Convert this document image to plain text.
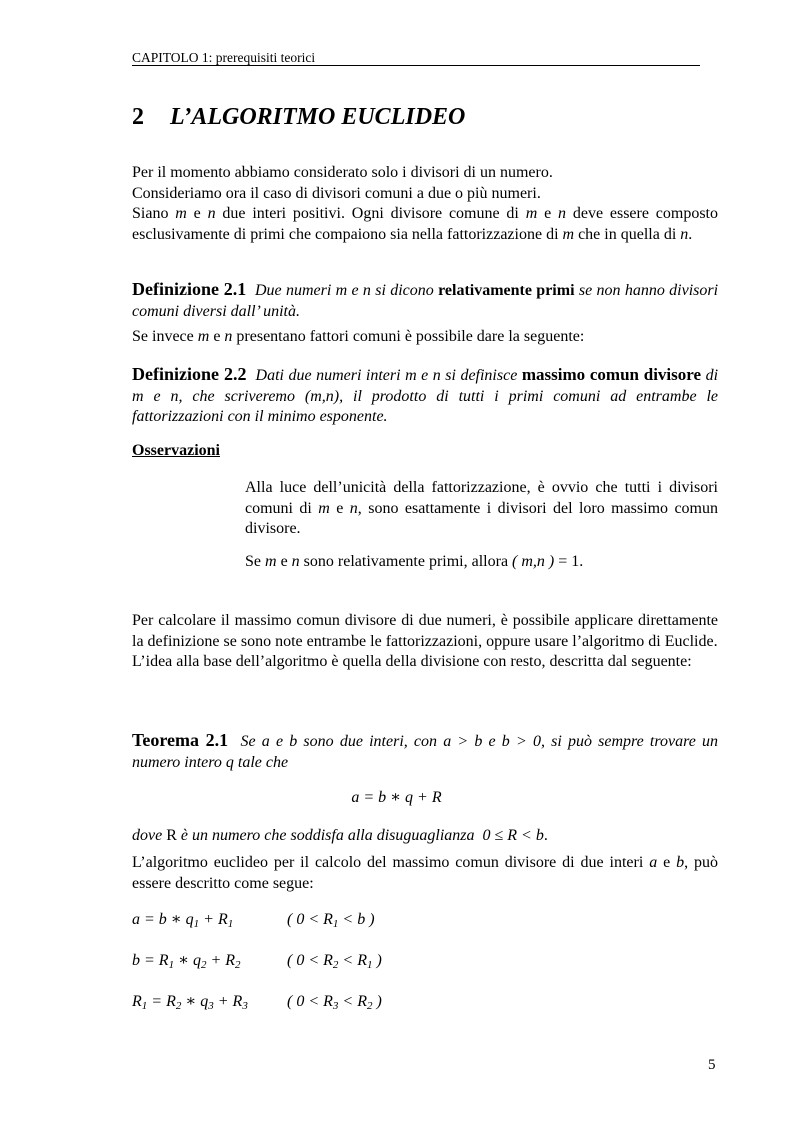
CAPITOLO 1: prerequisiti teorici
2 L’ALGORITMO EUCLIDEO
Per il momento abbiamo considerato solo i divisori di un numero.
Consideriamo ora il caso di divisori comuni a due o più numeri.
Siano m e n due interi positivi. Ogni divisore comune di m e n deve essere composto esclusivamente di primi che compaiono sia nella fattorizzazione di m che in quella di n.
Definizione 2.1 Due numeri m e n si dicono relativamente primi se non hanno divisori comuni diversi dall’ unità.
Se invece m e n presentano fattori comuni è possibile dare la seguente:
Definizione 2.2 Dati due numeri interi m e n si definisce massimo comun divisore di m e n, che scriveremo (m,n), il prodotto di tutti i primi comuni ad entrambe le fattorizzazioni con il minimo esponente.
Osservazioni
Alla luce dell’unicità della fattorizzazione, è ovvio che tutti i divisori comuni di m e n, sono esattamente i divisori del loro massimo comun divisore.
Se m e n sono relativamente primi, allora ( m,n ) = 1.
Per calcolare il massimo comun divisore di due numeri, è possibile applicare direttamente la definizione se sono note entrambe le fattorizzazioni, oppure usare l’algoritmo di Euclide.
L’idea alla base dell’algoritmo è quella della divisione con resto, descritta dal seguente:
Teorema 2.1 Se a e b sono due interi, con a > b e b > 0, si può sempre trovare un numero intero q tale che
a = b ∗ q + R
dove R è un numero che soddisfa alla disuguaglianza 0 ≤ R < b.
L’algoritmo euclideo per il calcolo del massimo comun divisore di due interi a e b, può essere descritto come segue:
a = b ∗ $q_1 + R_1$	( $0 < R_1 < b$ )
$b = R_1$ ∗ $q_2 + R_2$	( $0 < R_2 < R_1$ )
$R_1 = R_2$ ∗ $q_3 + R_3$ ( $0 < R_3 < R_2$ )
5
